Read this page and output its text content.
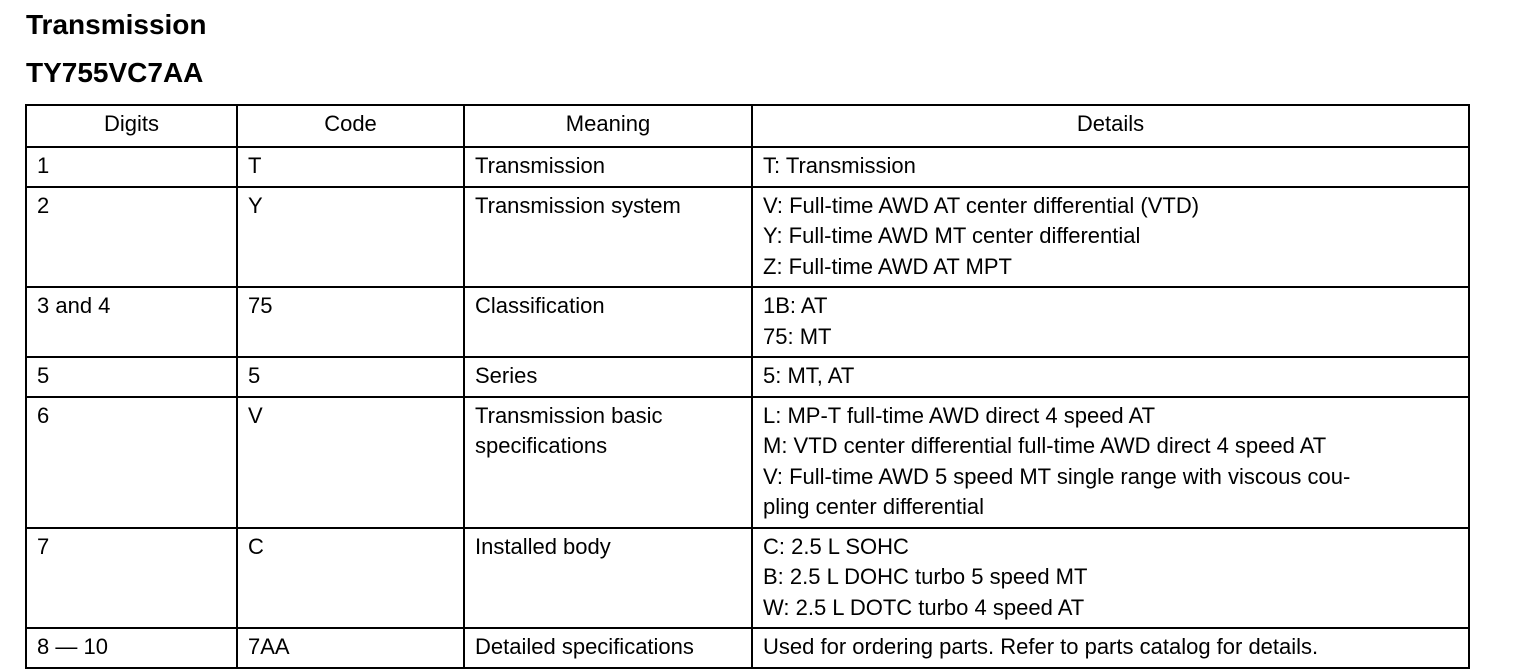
Transmission
TY755VC7AA
Digits	Code	Meaning	Details
1	T	Transmission	T: Transmission

2	Y	Transmission system	V: Full-time AWD AT center differential (VTD)
Y: Full-time AWD MT center differential
Z: Full-time AWD AT MPT

3 and 4	75	Classification	1B: AT
75: MT

5	5	Series	5: MT, AT

6	V	Transmission basic specifications	L: MP-T full-time AWD direct 4 speed AT
M: VTD center differential full-time AWD direct 4 speed AT
V: Full-time AWD 5 speed MT single range with viscous cou-
pling center differential

7	C	Installed body	C: 2.5 L SOHC
B: 2.5 L DOHC turbo 5 speed MT
W: 2.5 L DOTC turbo 4 speed AT

8 — 10	7AA	Detailed specifications	Used for ordering parts. Refer to parts catalog for details.
